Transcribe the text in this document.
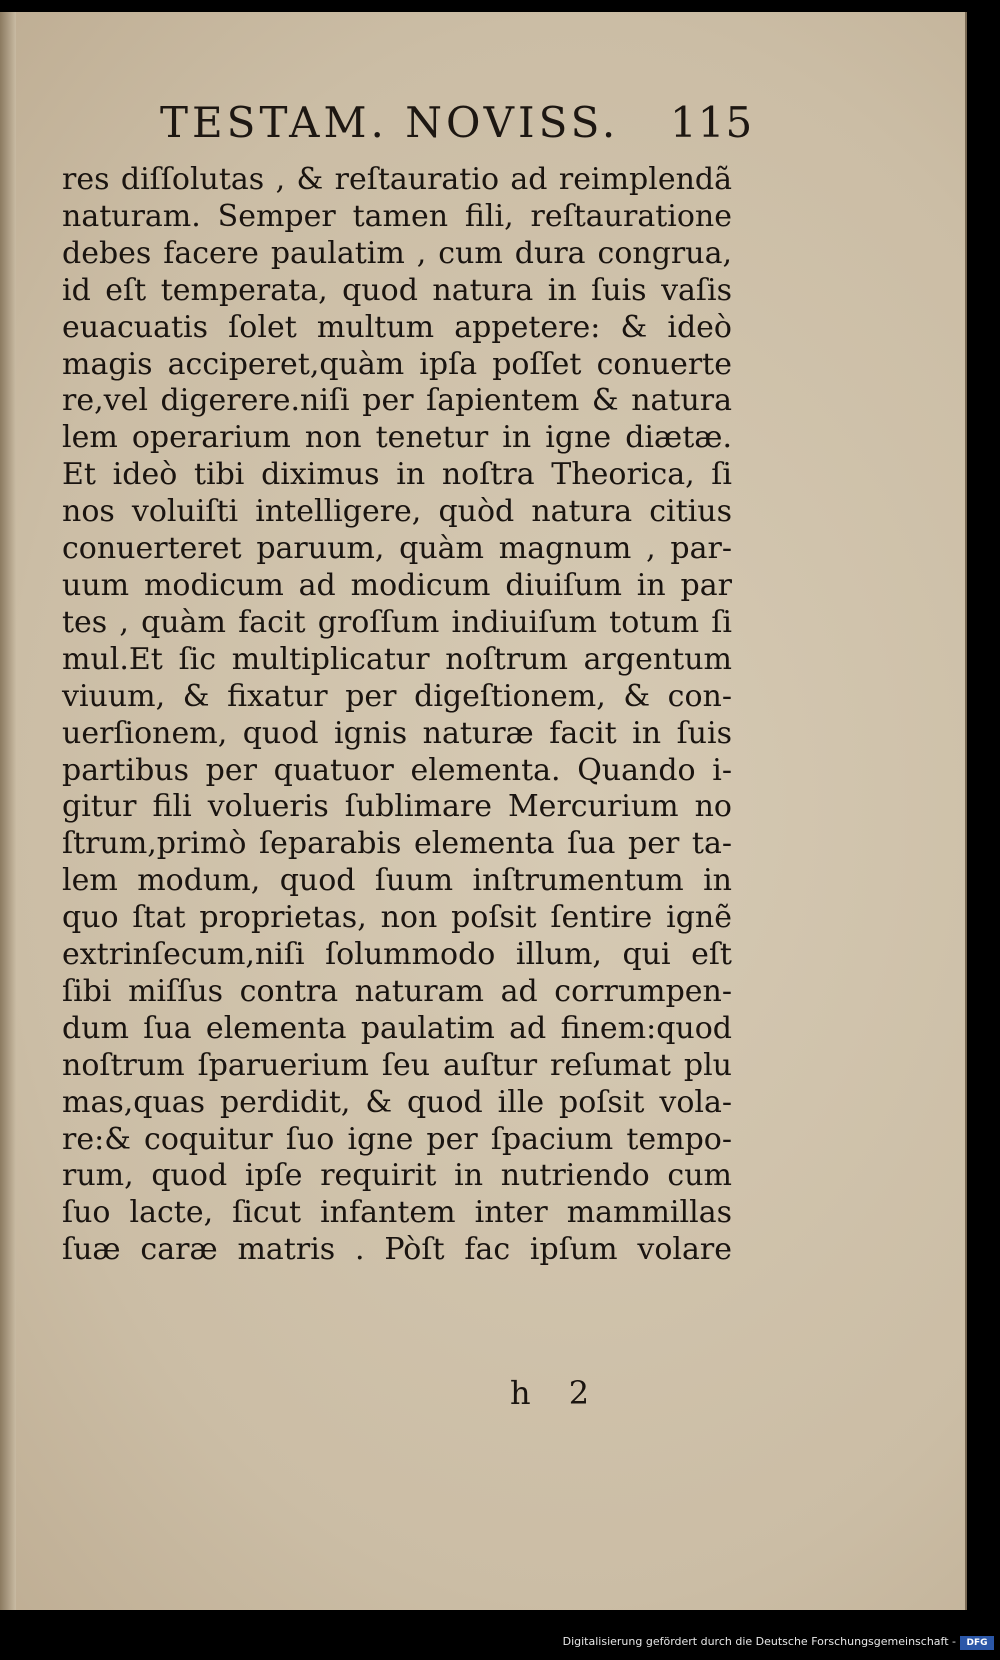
TESTAM. NOVISS. 115
res diſſolutas , & reſtauratio ad reimplendã
naturam. Semper tamen fili, reſtauratione
debes facere paulatim , cum dura congrua,
id eſt temperata, quod natura in ſuis vaſis
euacuatis ſolet multum appetere: & ideò
magis acciperet,quàm ipſa poſſet conuerte
re,vel digerere.niſi per ſapientem & natura
lem operarium non tenetur in igne diætæ.
Et ideò tibi diximus in noſtra Theorica, ſi
nos voluiſti intelligere, quòd natura citius
conuerteret paruum, quàm magnum , par-
uum modicum ad modicum diuiſum in par
tes , quàm facit groſſum indiuiſum totum ſi
mul.Et ſic multiplicatur noſtrum argentum
viuum, & fixatur per digeſtionem, & con-
uerſionem, quod ignis naturæ facit in ſuis
partibus per quatuor elementa. Quando i-
gitur fili volueris ſublimare Mercurium no
ſtrum,primò ſeparabis elementa ſua per ta-
lem modum, quod ſuum inſtrumentum in
quo ſtat proprietas, non poſsit ſentire ignẽ
extrinſecum,niſi ſolummodo illum, qui eſt
ſibi miſſus contra naturam ad corrumpen-
dum ſua elementa paulatim ad finem:quod
noſtrum ſparuerium ſeu auſtur reſumat plu
mas,quas perdidit, & quod ille poſsit vola-
re:& coquitur ſuo igne per ſpacium tempo-
rum, quod ipſe requirit in nutriendo cum
ſuo lacte, ſicut infantem inter mammillas
ſuæ caræ matris . Pòſt fac ipſum volare
h 2
Digitalisierung gefördert durch die Deutsche Forschungsgemeinschaft -	DFG
